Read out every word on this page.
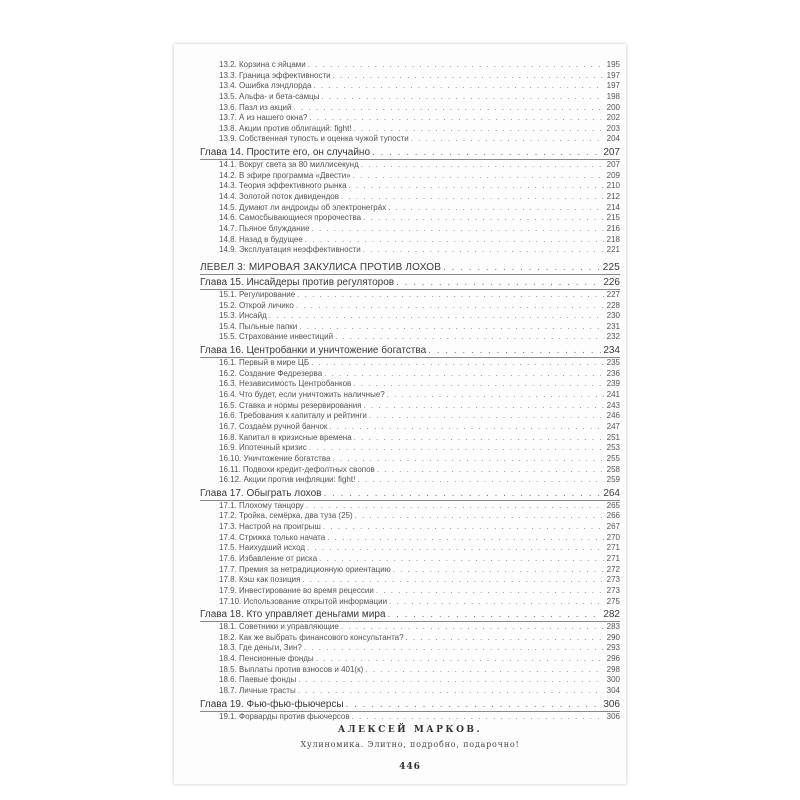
13.2. Корзина с яйцами . . .	195
13.3. Граница эффективности . . .	197
13.4. Ошибка лэндлорда . . .	197
13.5. Альфа- и бета-самцы . . .	198
13.6. Пазл из акций . . .	200
13.7. А из нашего окна? . . .	202
13.8. Акции против облигаций: fight! . . .	203
13.9. Собственная тупость и оценка чужой тупости . . .	204
Глава 14. Простите его, он случайно . . .	207
14.1. Вокруг света за 80 миллисекунд . . .	207
14.2. В эфире программа «Двести» . . .	209
14.3. Теория эффективного рынка . . .	210
14.4. Золотой поток дивидендов . . .	212
14.5. Думают ли андроиды об электронегрáх . . .	214
14.6. Самосбывающиеся пророчества . . .	215
14.7. Пьяное блуждание . . .	216
14.8. Назад в будущее . . .	218
14.9. Эксплуатация неэффективности . . .	221
ЛЕВЕЛ 3: МИРОВАЯ ЗАКУЛИСА ПРОТИВ ЛОХОВ . . .	225
Глава 15. Инсайдеры против регуляторов . . .	226
15.1. Регулирование . . .	227
15.2. Открой личико . . .	228
15.3. Инсайд . . .	230
15.4. Пыльные папки . . .	231
15.5. Страхование инвестиций . . .	232
Глава 16. Центробанки и уничтожение богатства . . .	234
16.1. Первый в мире ЦБ . . .	235
16.2. Создание Федрезерва . . .	236
16.3. Независимость Центробанков . . .	239
16.4. Что будет, если уничтожить наличные? . . .	241
16.5. Ставка и нормы резервирования . . .	243
16.6. Требования к капиталу и рейтинги . . .	246
16.7. Создаём ручной банчок . . .	247
16.8. Капитал в кризисные времена . . .	251
16.9. Ипотечный кризис . . .	253
16.10. Уничтожение богатства . . .	255
16.11. Подвохи кредит-дефолтных свопов . . .	258
16.12. Акции против инфляции: fight! . . .	259
Глава 17. Обыграть лохов . . .	264
17.1. Плохому танцору . . .	265
17.2. Тройка, семёрка, два туза (25) . . .	266
17.3. Настрой на проигрыш . . .	267
17.4. Стрижка только начата . . .	270
17.5. Наихудший исход . . .	271
17.6. Избавление от риска . . .	271
17.7. Премия за нетрадиционную ориентацию . . .	272
17.8. Кэш как позиция . . .	273
17.9. Инвестирование во время рецессии . . .	273
17.10. Использование открытой информации . . .	275
Глава 18. Кто управляет деньгами мира . . .	282
18.1. Советники и управляющие . . .	283
18.2. Как же выбрать финансового консультанта? . . .	290
18.3. Где деньги, Зин? . . .	293
18.4. Пенсионные фонды . . .	296
18.5. Выплаты против взносов и 401(к) . . .	298
18.6. Паевые фонды . . .	300
18.7. Личные трасты . . .	304
Глава 19. Фью-фью-фьючерсы . . .	306
19.1. Форварды против фьючерсов . . .	306
АЛЕКСЕЙ МАРКОВ.
Хулиномика. Элитно, подробно, подарочно!
446
